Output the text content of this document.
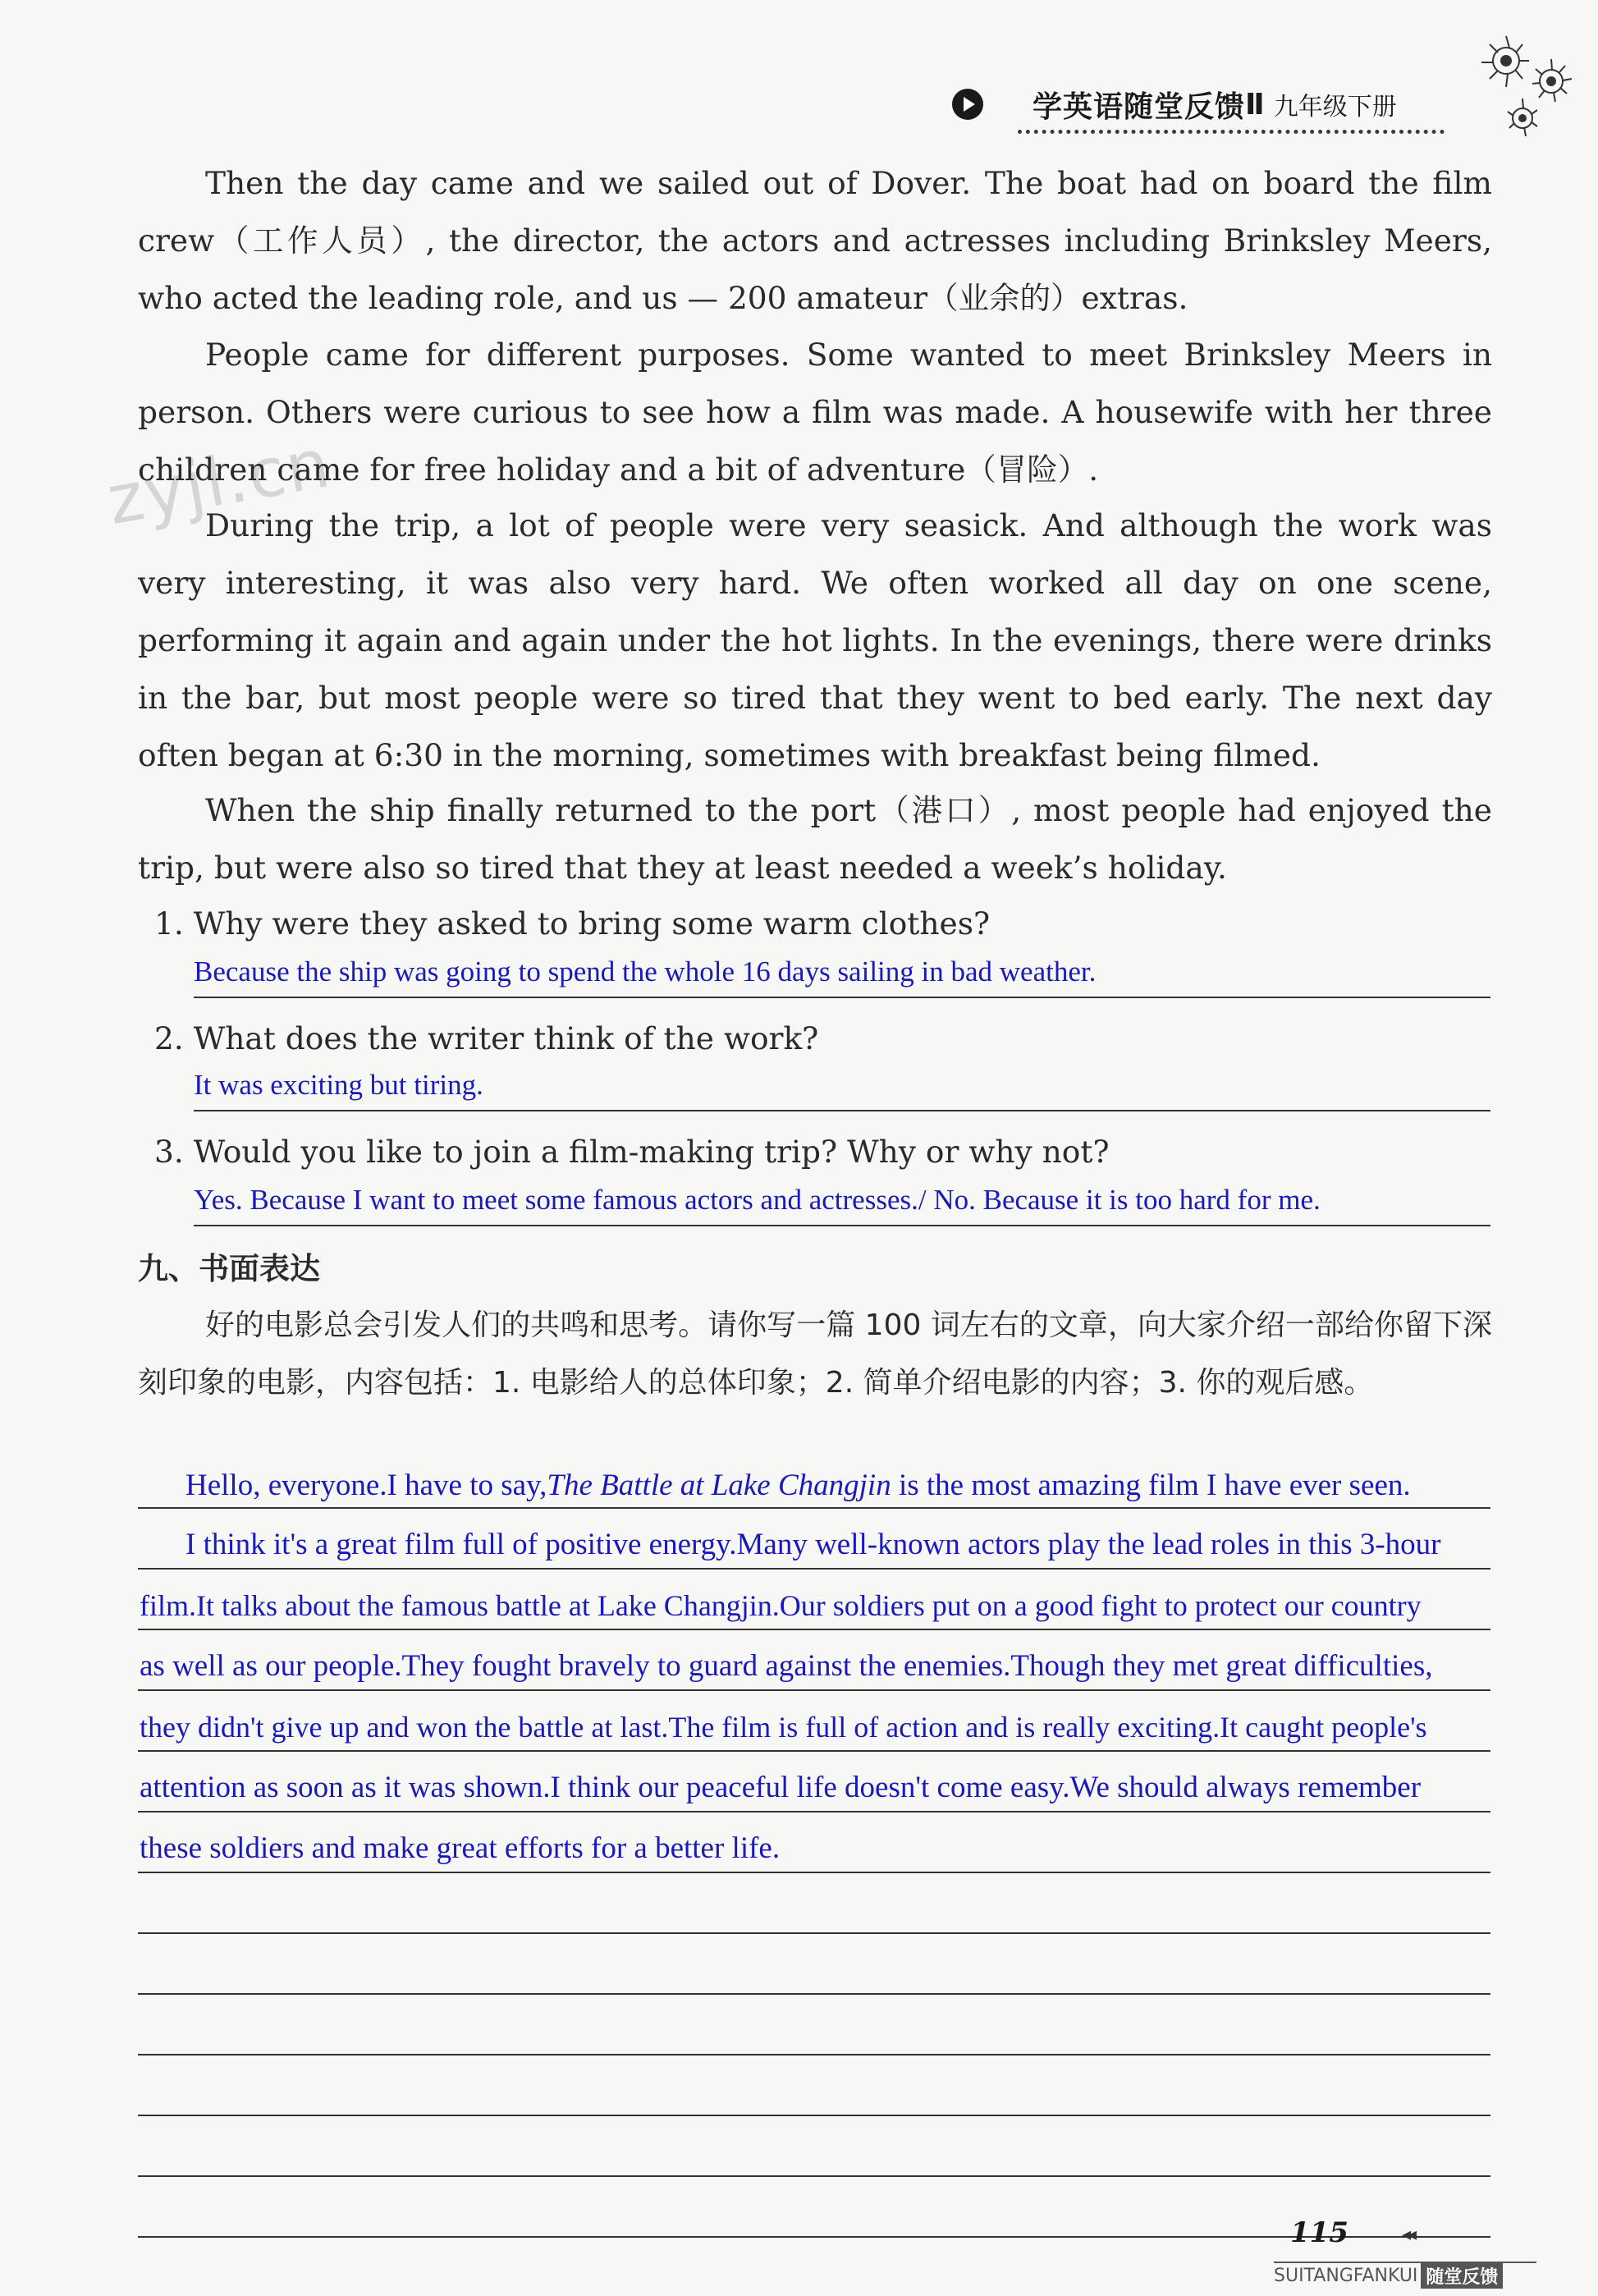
学英语随堂反馈 Ⅱ 九年级下册
zyjl.cn

Then the day came and we sailed out of Dover. The boat had on board the film crew（工作人员）, the director, the actors and actresses including Brinksley Meers, who acted the leading role, and us — 200 amateur（业余的）extras.

People came for different purposes. Some wanted to meet Brinksley Meers in person. Others were curious to see how a film was made. A housewife with her three children came for free holiday and a bit of adventure（冒险）.

During the trip, a lot of people were very seasick. And although the work was very interesting, it was also very hard. We often worked all day on one scene, performing it again and again under the hot lights. In the evenings, there were drinks in the bar, but most people were so tired that they went to bed early. The next day often began at 6:30 in the morning, sometimes with breakfast being filmed.

When the ship finally returned to the port（港口）, most people had enjoyed the trip, but were also so tired that they at least needed a week’s holiday.

1. Why were they asked to bring some warm clothes?

Because the ship was going to spend the whole 16 days sailing in bad weather.

2. What does the writer think of the work?

It was exciting but tiring.

3. Would you like to join a film-making trip? Why or why not?

Yes. Because I want to meet some famous actors and actresses./ No. Because it is too hard for me.
九、书面表达

好的电影总会引发人们的共鸣和思考。请你写一篇 100 词左右的文章，向大家介绍一部给你留下深刻印象的电影，内容包括：1. 电影给人的总体印象；2. 简单介绍电影的内容；3. 你的观后感。

Hello, everyone.I have to say,The Battle at Lake Changjin is the most amazing film I have ever seen.
I think it's a great film full of positive energy.Many well-known actors play the lead roles in this 3-hour
film.It talks about the famous battle at Lake Changjin.Our soldiers put on a good fight to protect our country
as well as our people.They fought bravely to guard against the enemies.Though they met great difficulties,
they didn't give up and won the battle at last.The film is full of action and is really exciting.It caught people's
attention as soon as it was shown.I think our peaceful life doesn't come easy.We should always remember
these soldiers and make great efforts for a better life.
115	◂◂
SUITANGFANKUI 随堂反馈
